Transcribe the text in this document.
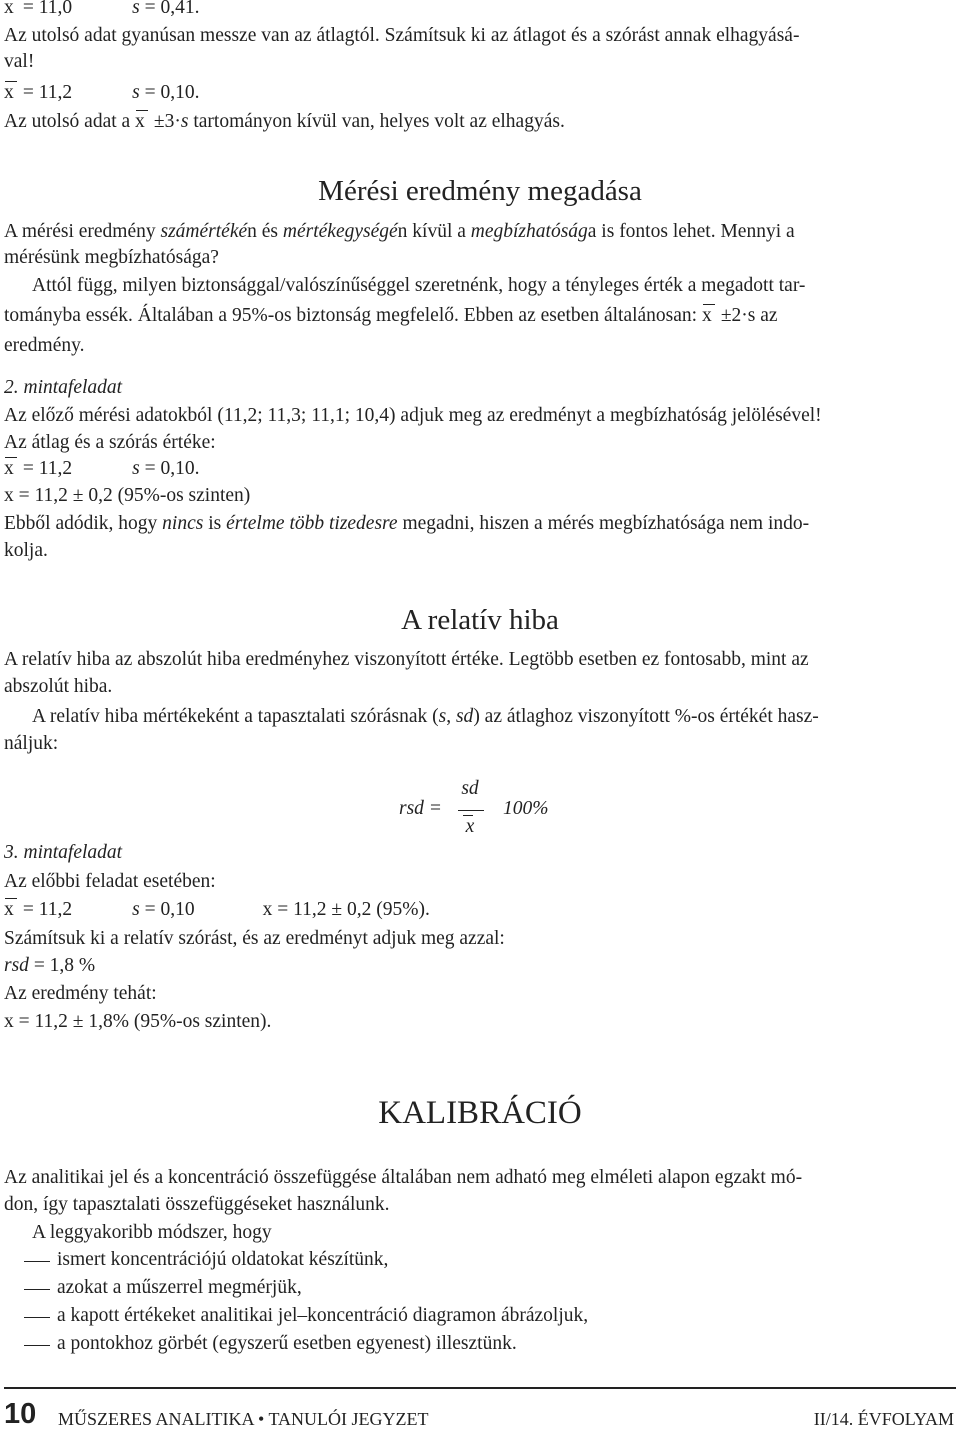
x = 11,0	s = 0,41.
Az utolsó adat gyanúsan messze van az átlagtól. Számítsuk ki az átlagot és a szórást annak elhagyásá-
val!
x = 11,2	s = 0,10.
Az utolsó adat a x ±3·s tartományon kívül van, helyes volt az elhagyás.
Mérési eredmény megadása
A mérési eredmény számértékén és mértékegységén kívül a megbízhatósága is fontos lehet. Mennyi a
mérésünk megbízhatósága?
Attól függ, milyen biztonsággal/valószínűséggel szeretnénk, hogy a tényleges érték a megadott tar-
tományba essék. Általában a 95%-os biztonság megfelelő. Ebben az esetben általánosan: x ±2·s az
eredmény.
2. mintafeladat
Az előző mérési adatokból (11,2; 11,3; 11,1; 10,4) adjuk meg az eredményt a megbízhatóság jelölésével!
Az átlag és a szórás értéke:
x = 11,2	s = 0,10.
x = 11,2 ± 0,2 (95%-os szinten)
Ebből adódik, hogy nincs is értelme több tizedesre megadni, hiszen a mérés megbízhatósága nem indo-
kolja.
A relatív hiba
A relatív hiba az abszolút hiba eredményhez viszonyított értéke. Legtöbb esetben ez fontosabb, mint az
abszolút hiba.
A relatív hiba mértékeként a tapasztalati szórásnak (s, sd) az átlaghoz viszonyított %-os értékét hasz-
náljuk:
rsd =
sd
x
100%
3. mintafeladat
Az előbbi feladat esetében:
x = 11,2	s = 0,10	x = 11,2 ± 0,2 (95%).
Számítsuk ki a relatív szórást, és az eredményt adjuk meg azzal:
rsd = 1,8 %
Az eredmény tehát:
x = 11,2 ± 1,8% (95%-os szinten).
KALIBRÁCIÓ
Az analitikai jel és a koncentráció összefüggése általában nem adható meg elméleti alapon egzakt mó-
don, így tapasztalati összefüggéseket használunk.
A leggyakoribb módszer, hogy
ismert koncentrációjú oldatokat készítünk,
azokat a műszerrel megmérjük,
a kapott értékeket analitikai jel–koncentráció diagramon ábrázoljuk,
a pontokhoz görbét (egyszerű esetben egyenest) illesztünk.
10 MŰSZERES ANALITIKA • TANULÓI JEGYZET	II/14. ÉVFOLYAM
